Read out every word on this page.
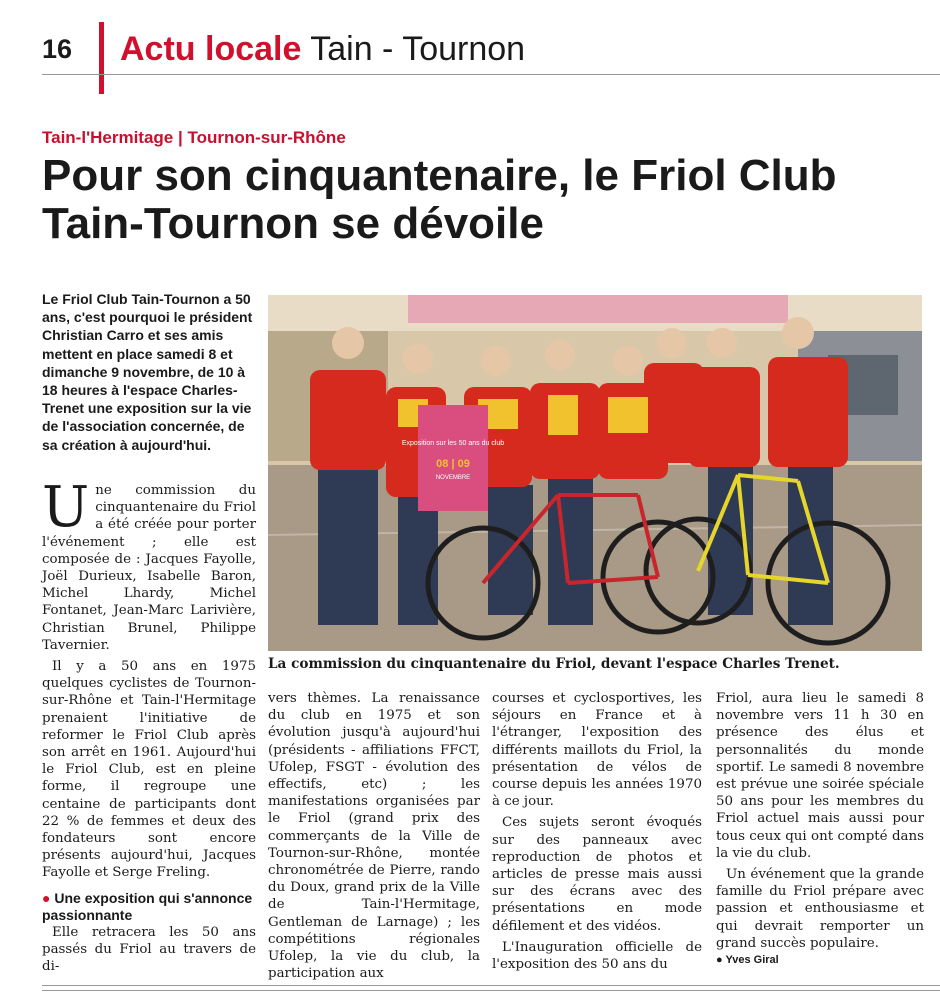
16 Actu locale Tain - Tournon
Tain-l'Hermitage | Tournon-sur-Rhône
Pour son cinquantenaire, le Friol Club Tain-Tournon se dévoile
Le Friol Club Tain-Tournon a 50 ans, c'est pourquoi le président Christian Carro et ses amis mettent en place samedi 8 et dimanche 9 novembre, de 10 à 18 heures à l'espace Charles-Trenet une exposition sur la vie de l'association concernée, de sa création à aujourd'hui.	Exposition sur les 50 ans du club
08 | 09
NOVEMBRE
La commission du cinquantenaire du Friol, devant l'espace Charles Trenet.

Une commission du cinquantenaire du Friol a été créée pour porter l'événement ; elle est composée de : Jacques Fayolle, Joël Durieux, Isabelle Baron, Michel Lhardy, Michel Fontanet, Jean-Marc Larivière, Christian Brunel, Philippe Tavernier.

Il y a 50 ans en 1975 quelques cyclistes de Tournon-sur-Rhône et Tain-l'Hermitage prenaient l'initiative de reformer le Friol Club après son arrêt en 1961. Aujourd'hui le Friol Club, est en pleine forme, il regroupe une centaine de participants dont 22 % de femmes et deux des fondateurs sont encore présents aujourd'hui, Jacques Fayolle et Serge Freling.

● Une exposition qui s'annonce passionnante

Elle retracera les 50 ans passés du Friol au travers de di-

vers thèmes. La renaissance du club en 1975 et son évolution jusqu'à aujourd'hui (présidents - affiliations FFCT, Ufolep, FSGT - évolution des effectifs, etc) ; les manifestations organisées par le Friol (grand prix des commerçants de la Ville de Tournon-sur-Rhône, montée chronométrée de Pierre, rando du Doux, grand prix de la Ville de Tain-l'Hermitage, Gentleman de Larnage) ; les compétitions régionales Ufolep, la vie du club, la participation aux

courses et cyclosportives, les séjours en France et à l'étranger, l'exposition des différents maillots du Friol, la présentation de vélos de course depuis les années 1970 à ce jour.

Ces sujets seront évoqués sur des panneaux avec reproduction de photos et articles de presse mais aussi sur des écrans avec des présentations en mode défilement et des vidéos.

L'Inauguration officielle de l'exposition des 50 ans du

Friol, aura lieu le samedi 8 novembre vers 11 h 30 en présence des élus et personnalités du monde sportif. Le samedi 8 novembre est prévue une soirée spéciale 50 ans pour les membres du Friol actuel mais aussi pour tous ceux qui ont compté dans la vie du club.

Un événement que la grande famille du Friol prépare avec passion et enthousiasme et qui devrait remporter un grand succès populaire.

● Yves Giral
